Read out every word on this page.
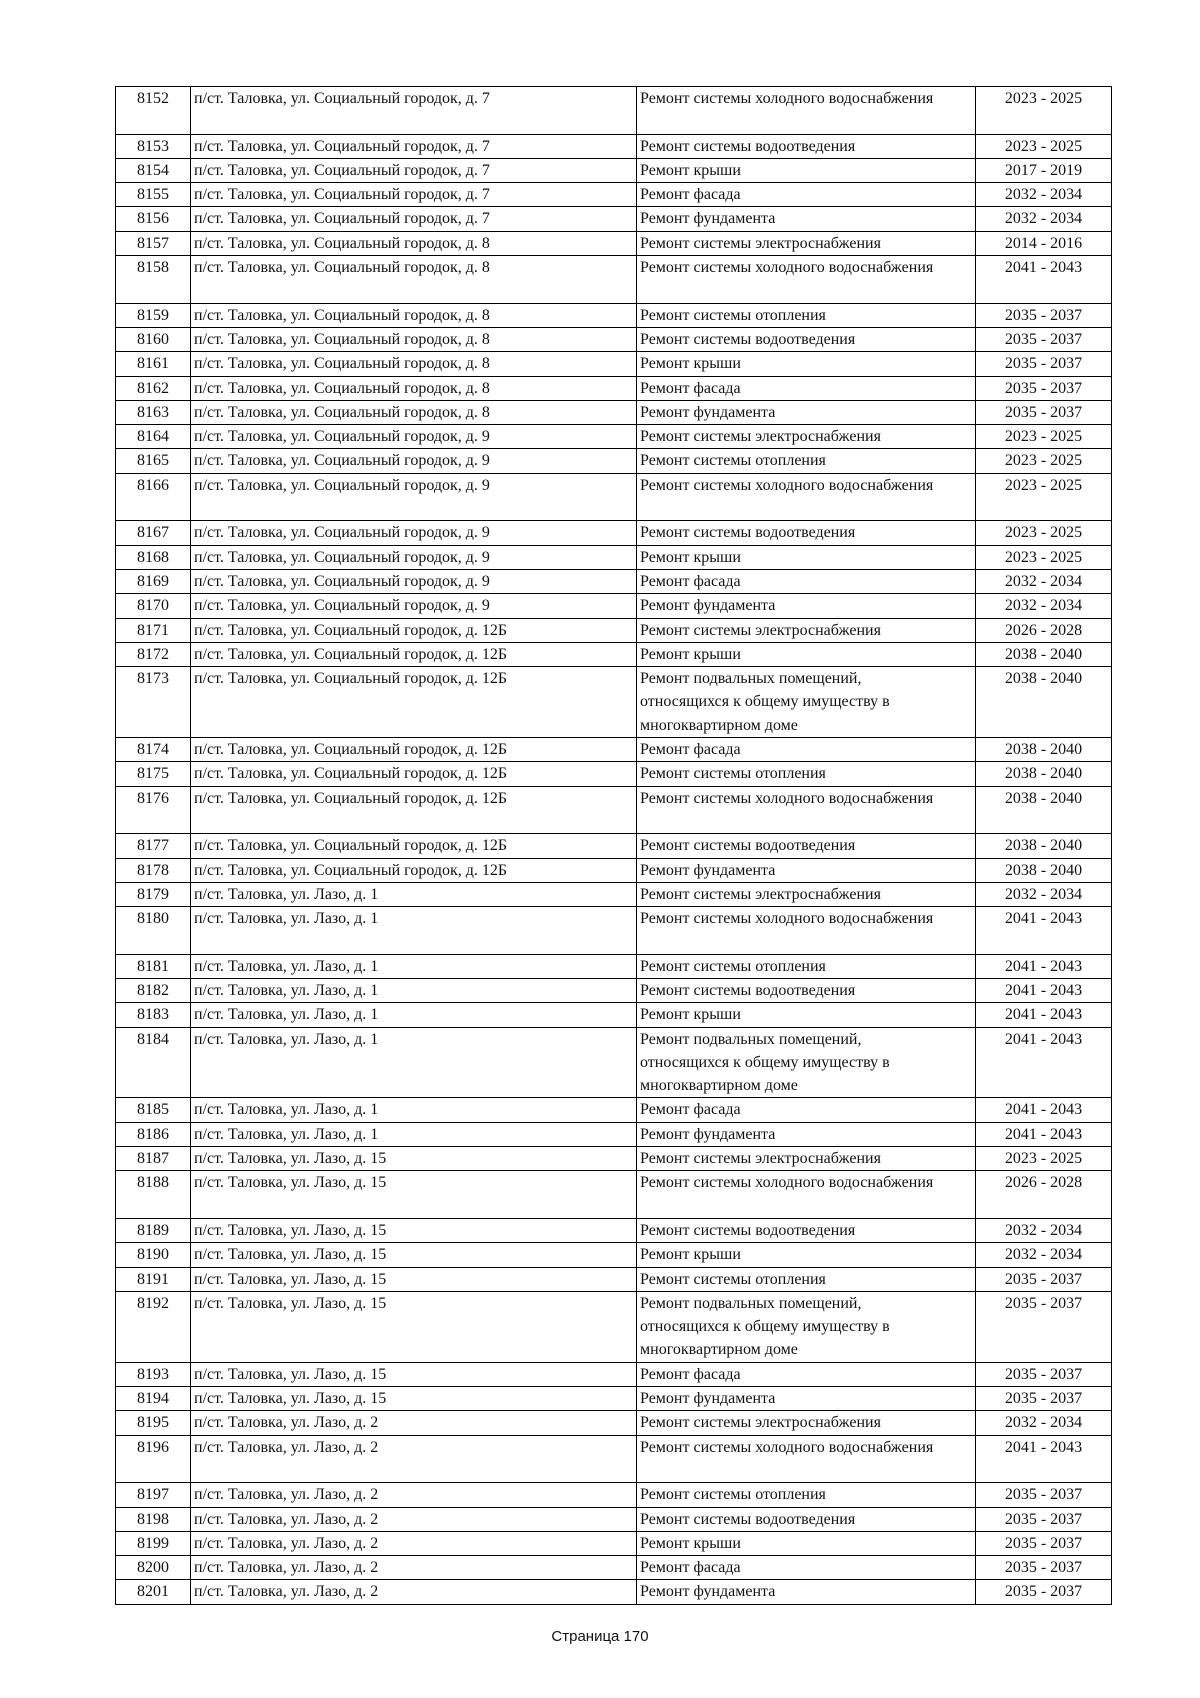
8152	п/ст. Таловка, ул. Социальный городок, д. 7	Ремонт системы холодного водоснабжения	2023 - 2025
8153	п/ст. Таловка, ул. Социальный городок, д. 7	Ремонт системы водоотведения	2023 - 2025
8154	п/ст. Таловка, ул. Социальный городок, д. 7	Ремонт крыши	2017 - 2019
8155	п/ст. Таловка, ул. Социальный городок, д. 7	Ремонт фасада	2032 - 2034
8156	п/ст. Таловка, ул. Социальный городок, д. 7	Ремонт фундамента	2032 - 2034
8157	п/ст. Таловка, ул. Социальный городок, д. 8	Ремонт системы электроснабжения	2014 - 2016
8158	п/ст. Таловка, ул. Социальный городок, д. 8	Ремонт системы холодного водоснабжения	2041 - 2043
8159	п/ст. Таловка, ул. Социальный городок, д. 8	Ремонт системы отопления	2035 - 2037
8160	п/ст. Таловка, ул. Социальный городок, д. 8	Ремонт системы водоотведения	2035 - 2037
8161	п/ст. Таловка, ул. Социальный городок, д. 8	Ремонт крыши	2035 - 2037
8162	п/ст. Таловка, ул. Социальный городок, д. 8	Ремонт фасада	2035 - 2037
8163	п/ст. Таловка, ул. Социальный городок, д. 8	Ремонт фундамента	2035 - 2037
8164	п/ст. Таловка, ул. Социальный городок, д. 9	Ремонт системы электроснабжения	2023 - 2025
8165	п/ст. Таловка, ул. Социальный городок, д. 9	Ремонт системы отопления	2023 - 2025
8166	п/ст. Таловка, ул. Социальный городок, д. 9	Ремонт системы холодного водоснабжения	2023 - 2025
8167	п/ст. Таловка, ул. Социальный городок, д. 9	Ремонт системы водоотведения	2023 - 2025
8168	п/ст. Таловка, ул. Социальный городок, д. 9	Ремонт крыши	2023 - 2025
8169	п/ст. Таловка, ул. Социальный городок, д. 9	Ремонт фасада	2032 - 2034
8170	п/ст. Таловка, ул. Социальный городок, д. 9	Ремонт фундамента	2032 - 2034
8171	п/ст. Таловка, ул. Социальный городок, д. 12Б	Ремонт системы электроснабжения	2026 - 2028
8172	п/ст. Таловка, ул. Социальный городок, д. 12Б	Ремонт крыши	2038 - 2040
8173	п/ст. Таловка, ул. Социальный городок, д. 12Б	Ремонт подвальных помещений,
относящихся к общему имуществу в
многоквартирном доме	2038 - 2040
8174	п/ст. Таловка, ул. Социальный городок, д. 12Б	Ремонт фасада	2038 - 2040
8175	п/ст. Таловка, ул. Социальный городок, д. 12Б	Ремонт системы отопления	2038 - 2040
8176	п/ст. Таловка, ул. Социальный городок, д. 12Б	Ремонт системы холодного водоснабжения	2038 - 2040
8177	п/ст. Таловка, ул. Социальный городок, д. 12Б	Ремонт системы водоотведения	2038 - 2040
8178	п/ст. Таловка, ул. Социальный городок, д. 12Б	Ремонт фундамента	2038 - 2040
8179	п/ст. Таловка, ул. Лазо, д. 1	Ремонт системы электроснабжения	2032 - 2034
8180	п/ст. Таловка, ул. Лазо, д. 1	Ремонт системы холодного водоснабжения	2041 - 2043
8181	п/ст. Таловка, ул. Лазо, д. 1	Ремонт системы отопления	2041 - 2043
8182	п/ст. Таловка, ул. Лазо, д. 1	Ремонт системы водоотведения	2041 - 2043
8183	п/ст. Таловка, ул. Лазо, д. 1	Ремонт крыши	2041 - 2043
8184	п/ст. Таловка, ул. Лазо, д. 1	Ремонт подвальных помещений,
относящихся к общему имуществу в
многоквартирном доме	2041 - 2043
8185	п/ст. Таловка, ул. Лазо, д. 1	Ремонт фасада	2041 - 2043
8186	п/ст. Таловка, ул. Лазо, д. 1	Ремонт фундамента	2041 - 2043
8187	п/ст. Таловка, ул. Лазо, д. 15	Ремонт системы электроснабжения	2023 - 2025
8188	п/ст. Таловка, ул. Лазо, д. 15	Ремонт системы холодного водоснабжения	2026 - 2028
8189	п/ст. Таловка, ул. Лазо, д. 15	Ремонт системы водоотведения	2032 - 2034
8190	п/ст. Таловка, ул. Лазо, д. 15	Ремонт крыши	2032 - 2034
8191	п/ст. Таловка, ул. Лазо, д. 15	Ремонт системы отопления	2035 - 2037
8192	п/ст. Таловка, ул. Лазо, д. 15	Ремонт подвальных помещений,
относящихся к общему имуществу в
многоквартирном доме	2035 - 2037
8193	п/ст. Таловка, ул. Лазо, д. 15	Ремонт фасада	2035 - 2037
8194	п/ст. Таловка, ул. Лазо, д. 15	Ремонт фундамента	2035 - 2037
8195	п/ст. Таловка, ул. Лазо, д. 2	Ремонт системы электроснабжения	2032 - 2034
8196	п/ст. Таловка, ул. Лазо, д. 2	Ремонт системы холодного водоснабжения	2041 - 2043
8197	п/ст. Таловка, ул. Лазо, д. 2	Ремонт системы отопления	2035 - 2037
8198	п/ст. Таловка, ул. Лазо, д. 2	Ремонт системы водоотведения	2035 - 2037
8199	п/ст. Таловка, ул. Лазо, д. 2	Ремонт крыши	2035 - 2037
8200	п/ст. Таловка, ул. Лазо, д. 2	Ремонт фасада	2035 - 2037
8201	п/ст. Таловка, ул. Лазо, д. 2	Ремонт фундамента	2035 - 2037
Страница 170
